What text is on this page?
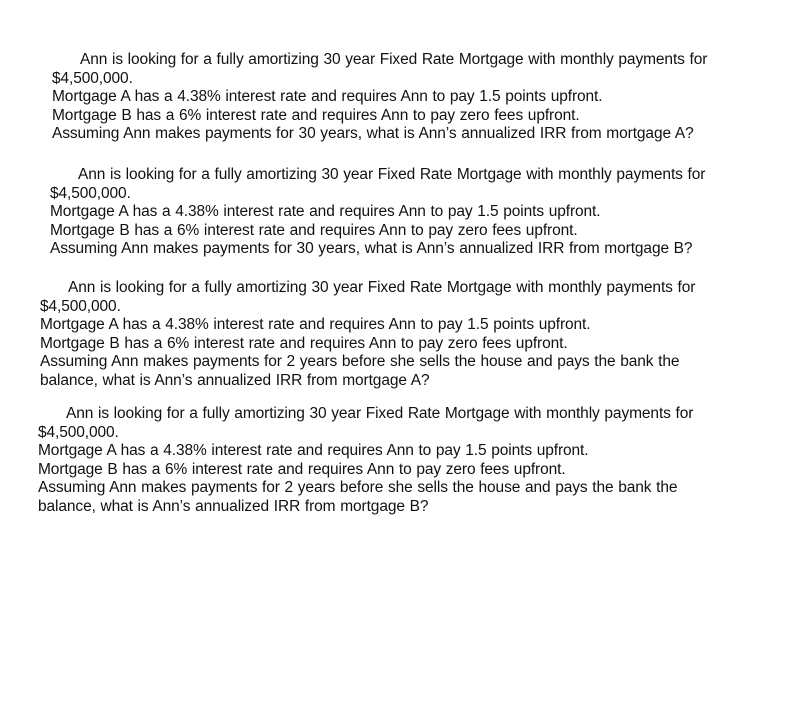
Ann is looking for a fully amortizing 30 year Fixed Rate Mortgage with monthly payments for

$4,500,000.

Mortgage A has a 4.38% interest rate and requires Ann to pay 1.5 points upfront.

Mortgage B has a 6% interest rate and requires Ann to pay zero fees upfront.

Assuming Ann makes payments for 30 years, what is Ann’s annualized IRR from mortgage A?

Ann is looking for a fully amortizing 30 year Fixed Rate Mortgage with monthly payments for

$4,500,000.

Mortgage A has a 4.38% interest rate and requires Ann to pay 1.5 points upfront.

Mortgage B has a 6% interest rate and requires Ann to pay zero fees upfront.

Assuming Ann makes payments for 30 years, what is Ann’s annualized IRR from mortgage B?

Ann is looking for a fully amortizing 30 year Fixed Rate Mortgage with monthly payments for

$4,500,000.

Mortgage A has a 4.38% interest rate and requires Ann to pay 1.5 points upfront.

Mortgage B has a 6% interest rate and requires Ann to pay zero fees upfront.

Assuming Ann makes payments for 2 years before she sells the house and pays the bank the

balance, what is Ann’s annualized IRR from mortgage A?

Ann is looking for a fully amortizing 30 year Fixed Rate Mortgage with monthly payments for

$4,500,000.

Mortgage A has a 4.38% interest rate and requires Ann to pay 1.5 points upfront.

Mortgage B has a 6% interest rate and requires Ann to pay zero fees upfront.

Assuming Ann makes payments for 2 years before she sells the house and pays the bank the

balance, what is Ann’s annualized IRR from mortgage B?
